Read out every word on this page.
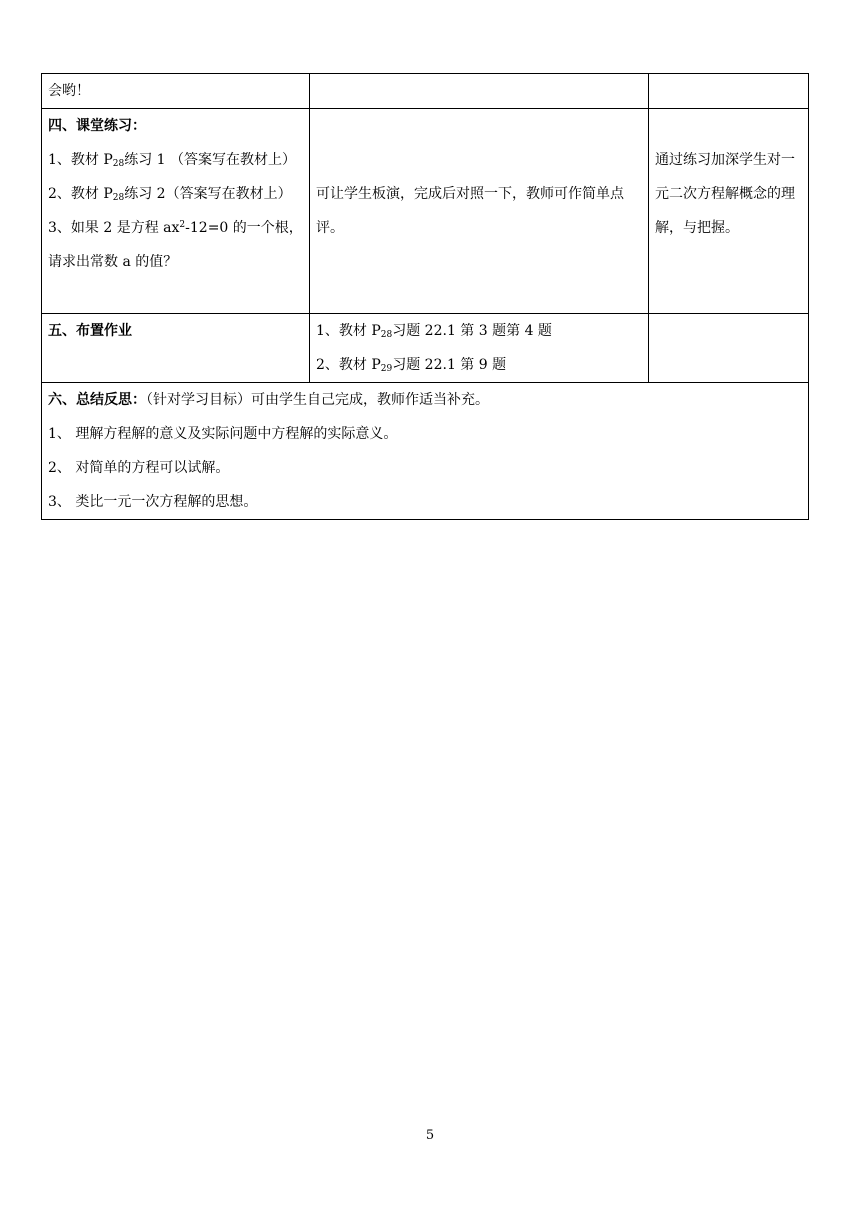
会哟！		

四、课堂练习：
1、教材 $P_{28}$练习 1 （答案写在教材上）
2、教材 $P_{28}$练习 2（答案写在教材上）
3、如果 2 是方程 $ax^2-12=0$ 的一个根，
请求出常数 a 的值？	可让学生板演，完成后对照一下，教师可作简单点评。	通过练习加深学生对一元二次方程解概念的理解，与把握。

五、布置作业	1、教材 $P_{28}$习题 22.1 第 3 题第 4 题
2、教材 $P_{29}$习题 22.1 第 9 题	

六、总结反思：（针对学习目标）可由学生自己完成，教师作适当补充。
1、 理解方程解的意义及实际问题中方程解的实际意义。
2、 对简单的方程可以试解。
3、 类比一元一次方程解的思想。		
5
